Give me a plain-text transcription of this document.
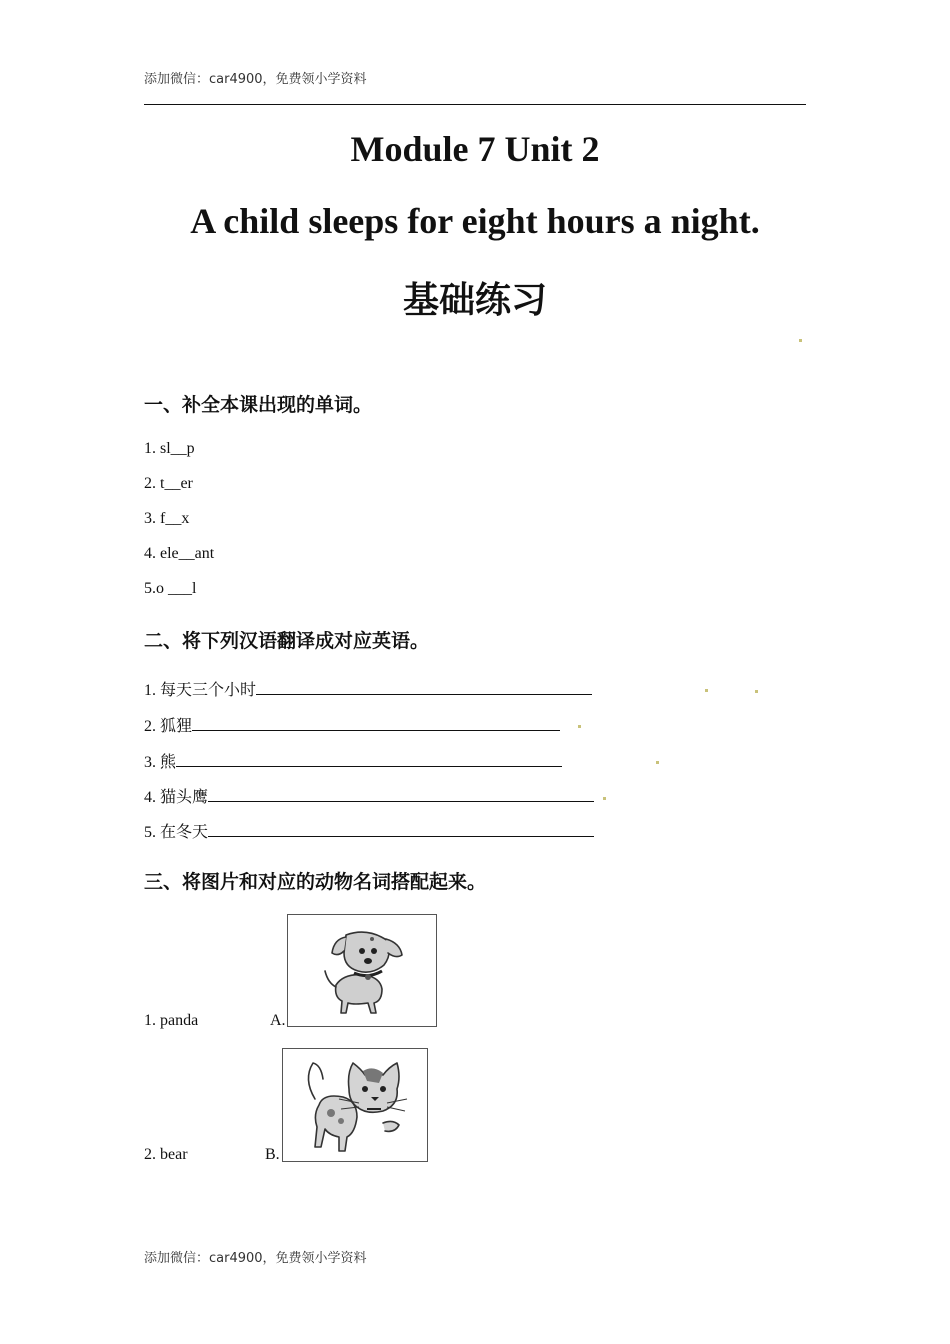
添加微信：car4900，免费领小学资料
Module 7 Unit 2
A child sleeps for eight hours a night.
基础练习
一、补全本课出现的单词。
1. sl__p
2. t__er
3. f__x
4. ele__ant
5.o ___l
二、将下列汉语翻译成对应英语。
1. 每天三个小时
2. 狐狸
3. 熊
4. 猫头鹰
5. 在冬天
三、将图片和对应的动物名词搭配起来。
1. panda	A.
2. bear	B.
添加微信：car4900，免费领小学资料
